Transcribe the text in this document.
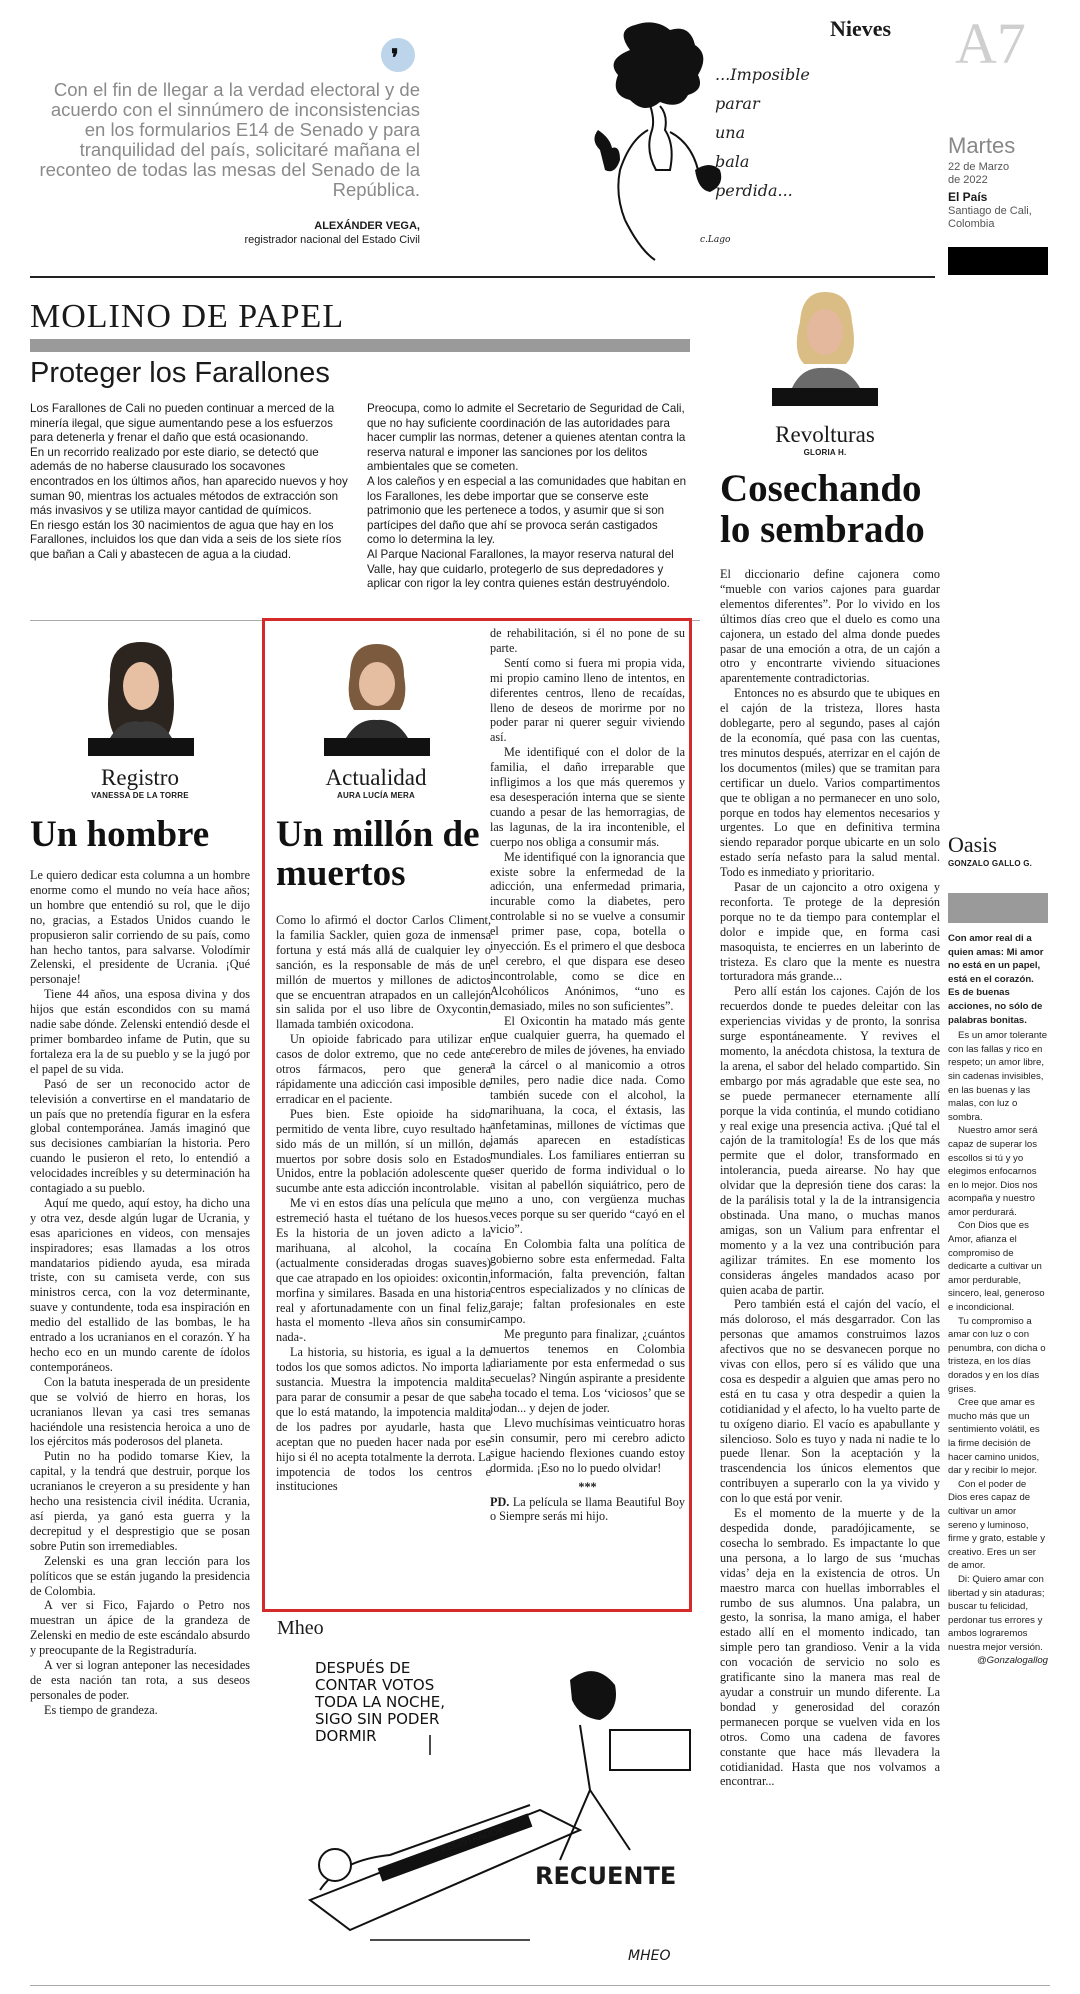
❜
Con el fin de llegar a la verdad electoral y de acuerdo con el sinnúmero de inconsistencias en los formularios E14 de Senado y para tranquilidad del país, solicitaré mañana el reconteo de todas las mesas del Senado de la República.
ALEXÁNDER VEGA,
registrador nacional del Estado Civil
Nieves
...Imposible
parar
una
bala
perdida...
c.Lago
A7
Martes
22 de Marzo
de 2022
El País
Santiago de Cali,
Colombia
MOLINO DE PAPEL
Proteger los Farallones

Los Farallones de Cali no pueden continuar a merced de la minería ilegal, que sigue aumentando pese a los esfuerzos para detenerla y frenar el daño que está ocasionando.

En un recorrido realizado por este diario, se detectó que además de no haberse clausurado los socavones encontrados en los últimos años, han aparecido nuevos y hoy suman 90, mientras los actuales métodos de extracción son más invasivos y se utiliza mayor cantidad de químicos.

En riesgo están los 30 nacimientos de agua que hay en los Farallones, incluidos los que dan vida a seis de los siete ríos que bañan a Cali y abastecen de agua a la ciudad.

Preocupa, como lo admite el Secretario de Seguridad de Cali, que no hay suficiente coordinación de las autoridades para hacer cumplir las normas, detener a quienes atentan contra la reserva natural e imponer las sanciones por los delitos ambientales que se cometen.

A los caleños y en especial a las comunidades que habitan en los Farallones, les debe importar que se conserve este patrimonio que les pertenece a todos, y asumir que si son partícipes del daño que ahí se provoca serán castigados como lo determina la ley.

Al Parque Nacional Farallones, la mayor reserva natural del Valle, hay que cuidarlo, protegerlo de sus depredadores y aplicar con rigor la ley contra quienes están destruyéndolo.

Revolturas
GLORIA H.
Cosechando lo sembrado

El diccionario define cajonera como “mueble con varios cajones para guardar elementos diferentes”. Por lo vivido en los últimos días creo que el duelo es como una cajonera, un estado del alma donde puedes pasar de una emoción a otra, de un cajón a otro y encontrarte viviendo situaciones aparentemente contradictorias.

Entonces no es absurdo que te ubiques en el cajón de la tristeza, llores hasta doblegarte, pero al segundo, pases al cajón de la economía, qué pasa con las cuentas, tres minutos después, aterrizar en el cajón de los documentos (miles) que se tramitan para certificar un duelo. Varios compartimentos que te obligan a no permanecer en uno solo, porque en todos hay elementos necesarios y urgentes. Lo que en definitiva termina siendo reparador porque ubicarte en un solo estado sería nefasto para la salud mental. Todo es inmediato y prioritario.

Pasar de un cajoncito a otro oxigena y reconforta. Te protege de la depresión porque no te da tiempo para contemplar el dolor e impide que, en forma casi masoquista, te encierres en un laberinto de tristeza. Es claro que la mente es nuestra torturadora más grande...

Pero allí están los cajones. Cajón de los recuerdos donde te puedes deleitar con las experiencias vividas y de pronto, la sonrisa surge espontáneamente. Y revives el momento, la anécdota chistosa, la textura de la arena, el sabor del helado compartido. Sin embargo por más agradable que este sea, no se puede permanecer eternamente allí porque la vida continúa, el mundo cotidiano y real exige una presencia activa. ¡Qué tal el cajón de la tramitología! Es de los que más permite que el dolor, transformado en intolerancia, pueda airearse. No hay que olvidar que la depresión tiene dos caras: la de la parálisis total y la de la intransigencia obstinada. Una mano, o muchas manos amigas, son un Valium para enfrentar el momento y a la vez una contribución para agilizar trámites. En ese momento los consideras ángeles mandados acaso por quien acaba de partir.

Pero también está el cajón del vacío, el más doloroso, el más desgarrador. Con las personas que amamos construimos lazos afectivos que no se desvanecen porque no vivas con ellos, pero sí es válido que una cosa es despedir a alguien que amas pero no está en tu casa y otra despedir a quien la cotidianidad y el afecto, lo ha vuelto parte de tu oxígeno diario. El vacío es apabullante y silencioso. Solo es tuyo y nada ni nadie te lo puede llenar. Son la aceptación y la trascendencia los únicos elementos que contribuyen a superarlo con la ya vivido y con lo que está por venir.

Es el momento de la muerte y de la despedida donde, paradójicamente, se cosecha lo sembrado. Es impactante lo que una persona, a lo largo de sus ‘muchas vidas’ deja en la existencia de otros. Un maestro marca con huellas imborrables el rumbo de sus alumnos. Una palabra, un gesto, la sonrisa, la mano amiga, el haber estado allí en el momento indicado, tan simple pero tan grandioso. Venir a la vida con vocación de servicio no solo es gratificante sino la manera mas real de ayudar a construir un mundo diferente. La bondad y generosidad del corazón permanecen porque se vuelven vida en los otros. Como una cadena de favores constante que hace más llevadera la cotidianidad. Hasta que nos volvamos a encontrar...

Registro
VANESSA DE LA TORRE
Un hombre

Le quiero dedicar esta columna a un hombre enorme como el mundo no veía hace años; un hombre que entendió su rol, que le dijo no, gracias, a Estados Unidos cuando le propusieron salir corriendo de su país, como han hecho tantos, para salvarse. Volodímir Zelenski, el presidente de Ucrania. ¡Qué personaje!

Tiene 44 años, una esposa divina y dos hijos que están escondidos con su mamá nadie sabe dónde. Zelenski entendió desde el primer bombardeo infame de Putin, que su fortaleza era la de su pueblo y se la jugó por el papel de su vida.

Pasó de ser un reconocido actor de televisión a convertirse en el mandatario de un país que no pretendía figurar en la esfera global contemporánea. Jamás imaginó que sus decisiones cambiarían la historia. Pero cuando le pusieron el reto, lo entendió a velocidades increíbles y su determinación ha contagiado a su pueblo.

Aquí me quedo, aquí estoy, ha dicho una y otra vez, desde algún lugar de Ucrania, y esas apariciones en videos, con mensajes inspiradores; esas llamadas a los otros mandatarios pidiendo ayuda, esa mirada triste, con su camiseta verde, con sus ministros cerca, con la voz determinante, suave y contundente, toda esa inspiración en medio del estallido de las bombas, le ha entrado a los ucranianos en el corazón. Y ha hecho eco en un mundo carente de ídolos contemporáneos.

Con la batuta inesperada de un presidente que se volvió de hierro en horas, los ucranianos llevan ya casi tres semanas haciéndole una resistencia heroica a uno de los ejércitos más poderosos del planeta.

Putin no ha podido tomarse Kiev, la capital, y la tendrá que destruir, porque los ucranianos le creyeron a su presidente y han hecho una resistencia civil inédita. Ucrania, así pierda, ya ganó esta guerra y la decrepitud y el desprestigio que se posan sobre Putin son irremediables.

Zelenski es una gran lección para los políticos que se están jugando la presidencia de Colombia.

A ver si Fico, Fajardo o Petro nos muestran un ápice de la grandeza de Zelenski en medio de este escándalo absurdo y preocupante de la Registraduría.

A ver si logran anteponer las necesidades de esta nación tan rota, a sus deseos personales de poder.

Es tiempo de grandeza.

Actualidad
AURA LUCÍA MERA
Un millón de muertos

Como lo afirmó el doctor Carlos Climent, la familia Sackler, quien goza de inmensa fortuna y está más allá de cualquier ley o sanción, es la responsable de más de un millón de muertos y millones de adictos que se encuentran atrapados en un callejón sin salida por el uso libre de Oxycontin, llamada también oxicodona.

Un opioide fabricado para utilizar en casos de dolor extremo, que no cede ante otros fármacos, pero que genera rápidamente una adicción casi imposible de erradicar en el paciente.

Pues bien. Este opioide ha sido permitido de venta libre, cuyo resultado ha sido más de un millón, sí un millón, de muertos por sobre dosis solo en Estados Unidos, entre la población adolescente que sucumbe ante esta adicción incontrolable.

Me vi en estos días una película que me estremeció hasta el tuétano de los huesos. Es la historia de un joven adicto a la marihuana, al alcohol, la cocaína (actualmente consideradas drogas suaves) que cae atrapado en los opioides: oxicontin, morfina y similares. Basada en una historia real y afortunadamente con un final feliz, hasta el momento -lleva años sin consumir nada-.

La historia, su historia, es igual a la de todos los que somos adictos. No importa la sustancia. Muestra la impotencia maldita para parar de consumir a pesar de que sabe que lo está matando, la impotencia maldita de los padres por ayudarle, hasta que aceptan que no pueden hacer nada por ese hijo si él no acepta totalmente la derrota. La impotencia de todos los centros e instituciones

de rehabilitación, si él no pone de su parte.

Sentí como si fuera mi propia vida, mi propio camino lleno de intentos, en diferentes centros, lleno de recaídas, lleno de deseos de morirme por no poder parar ni querer seguir viviendo así.

Me identifiqué con el dolor de la familia, el daño irreparable que infligimos a los que más queremos y esa desesperación interna que se siente cuando a pesar de las hemorragias, de las lagunas, de la ira incontenible, el cuerpo nos obliga a consumir más.

Me identifiqué con la ignorancia que existe sobre la enfermedad de la adicción, una enfermedad primaria, incurable como la diabetes, pero controlable si no se vuelve a consumir el primer pase, copa, botella o inyección. Es el primero el que desboca el cerebro, el que dispara ese deseo incontrolable, como se dice en Alcohólicos Anónimos, “uno es demasiado, miles no son suficientes”.

El Oxicontin ha matado más gente que cualquier guerra, ha quemado el cerebro de miles de jóvenes, ha enviado a la cárcel o al manicomio a otros miles, pero nadie dice nada. Como también sucede con el alcohol, la marihuana, la coca, el éxtasis, las anfetaminas, millones de víctimas que jamás aparecen en estadísticas mundiales. Los familiares entierran su ser querido de forma individual o lo visitan al pabellón siquiátrico, pero de uno a uno, con vergüenza muchas veces porque su ser querido “cayó en el vicio”.

En Colombia falta una política de gobierno sobre esta enfermedad. Falta información, falta prevención, faltan centros especializados y no clínicas de garaje; faltan profesionales en este campo.

Me pregunto para finalizar, ¿cuántos muertos tenemos en Colombia diariamente por esta enfermedad o sus secuelas? Ningún aspirante a presidente ha tocado el tema. Los ‘viciosos’ que se jodan... y dejen de joder.

Llevo muchísimas veinticuatro horas sin consumir, pero mi cerebro adicto sigue haciendo flexiones cuando estoy dormida. ¡Eso no lo puedo olvidar!

***

PD. La película se llama Beautiful Boy o Siempre serás mi hijo.

Mheo
DESPUÉS DE
CONTAR VOTOS
TODA LA NOCHE,
SIGO SIN PODER
DORMIR
RECUENTE
REGISTRADOR
MHEO
Oasis
GONZALO GALLO G.
Con amor real di a quien amas: Mi amor no está en un papel, está en el corazón. Es de buenas acciones, no sólo de palabras bonitas.

Es un amor tolerante con las fallas y rico en respeto; un amor libre, sin cadenas invisibles, en las buenas y las malas, con luz o sombra.

Nuestro amor será capaz de superar los escollos si tú y yo elegimos enfocarnos en lo mejor. Dios nos acompaña y nuestro amor perdurará.

Con Dios que es Amor, afianza el compromiso de dedicarte a cultivar un amor perdurable, sincero, leal, generoso e incondicional.

Tu compromiso a amar con luz o con penumbra, con dicha o tristeza, en los días dorados y en los días grises.

Cree que amar es mucho más que un sentimiento volátil, es la firme decisión de hacer camino unidos, dar y recibir lo mejor.

Con el poder de Dios eres capaz de cultivar un amor sereno y luminoso, firme y grato, estable y creativo. Eres un ser de amor.

Di: Quiero amar con libertad y sin ataduras; buscar tu felicidad, perdonar tus errores y ambos lograremos nuestra mejor versión.

@Gonzalogallog
